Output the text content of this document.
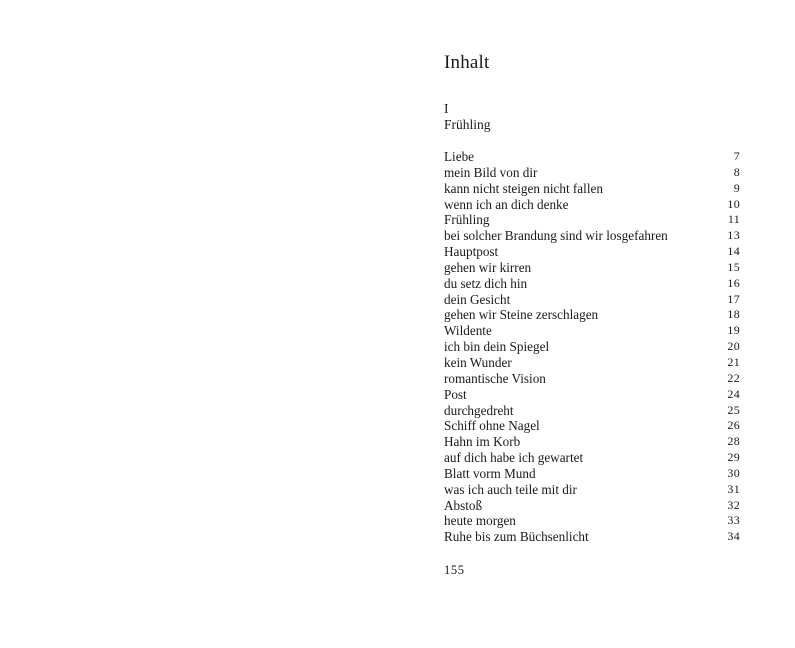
Inhalt
I
Frühling
Liebe	7
mein Bild von dir	8
kann nicht steigen nicht fallen	9
wenn ich an dich denke	10
Frühling	11
bei solcher Brandung sind wir losgefahren	13
Hauptpost	14
gehen wir kirren	15
du setz dich hin	16
dein Gesicht	17
gehen wir Steine zerschlagen	18
Wildente	19
ich bin dein Spiegel	20
kein Wunder	21
romantische Vision	22
Post	24
durchgedreht	25
Schiff ohne Nagel	26
Hahn im Korb	28
auf dich habe ich gewartet	29
Blatt vorm Mund	30
was ich auch teile mit dir	31
Abstoß	32
heute morgen	33
Ruhe bis zum Büchsenlicht	34
155
